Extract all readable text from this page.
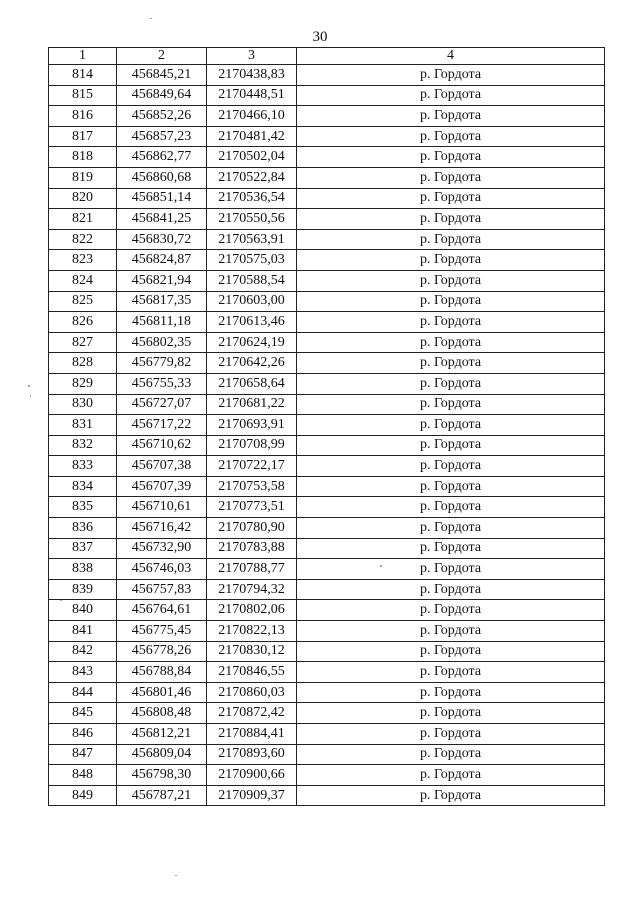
30
1	2	3	4
814	456845,21	2170438,83	р. Гордота
815	456849,64	2170448,51	р. Гордота
816	456852,26	2170466,10	р. Гордота
817	456857,23	2170481,42	р. Гордота
818	456862,77	2170502,04	р. Гордота
819	456860,68	2170522,84	р. Гордота
820	456851,14	2170536,54	р. Гордота
821	456841,25	2170550,56	р. Гордота
822	456830,72	2170563,91	р. Гордота
823	456824,87	2170575,03	р. Гордота
824	456821,94	2170588,54	р. Гордота
825	456817,35	2170603,00	р. Гордота
826	456811,18	2170613,46	р. Гордота
827	456802,35	2170624,19	р. Гордота
828	456779,82	2170642,26	р. Гордота
829	456755,33	2170658,64	р. Гордота
830	456727,07	2170681,22	р. Гордота
831	456717,22	2170693,91	р. Гордота
832	456710,62	2170708,99	р. Гордота
833	456707,38	2170722,17	р. Гордота
834	456707,39	2170753,58	р. Гордота
835	456710,61	2170773,51	р. Гордота
836	456716,42	2170780,90	р. Гордота
837	456732,90	2170783,88	р. Гордота
838	456746,03	2170788,77	р. Гордота
839	456757,83	2170794,32	р. Гордота
840	456764,61	2170802,06	р. Гордота
841	456775,45	2170822,13	р. Гордота
842	456778,26	2170830,12	р. Гордота
843	456788,84	2170846,55	р. Гордота
844	456801,46	2170860,03	р. Гордота
845	456808,48	2170872,42	р. Гордота
846	456812,21	2170884,41	р. Гордота
847	456809,04	2170893,60	р. Гордота
848	456798,30	2170900,66	р. Гордота
849	456787,21	2170909,37	р. Гордота
